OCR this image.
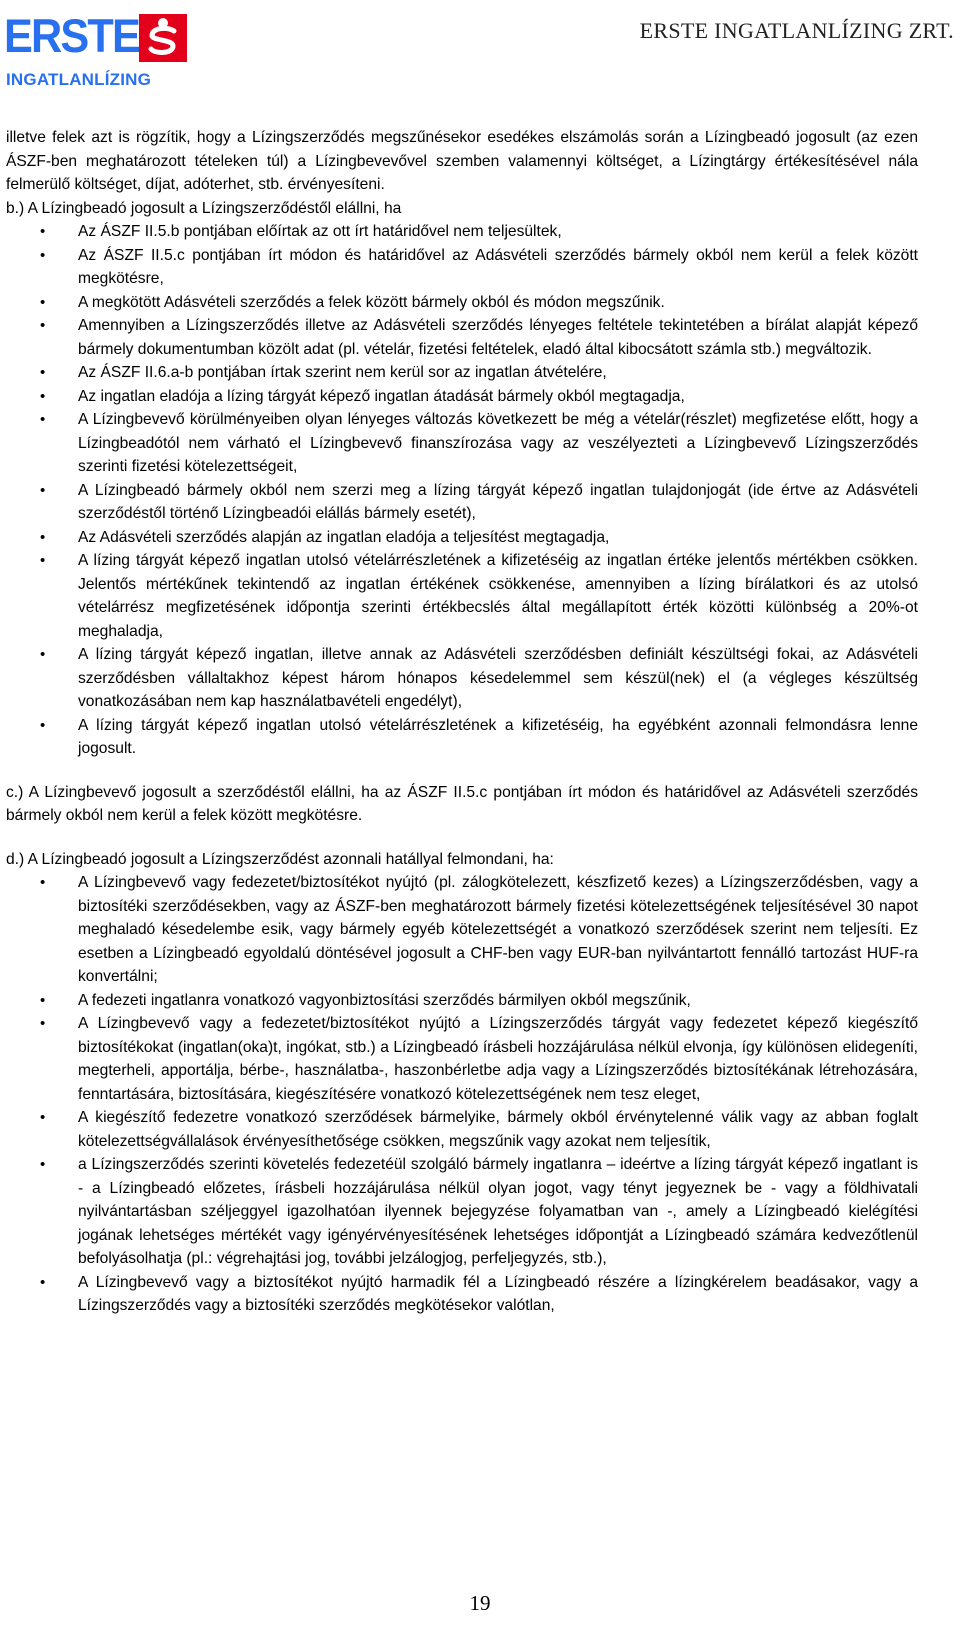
ERSTE
INGATLANLÍZING
ERSTE INGATLANLÍZING ZRT.

illetve felek azt is rögzítik, hogy a Lízingszerződés megszűnésekor esedékes elszámolás során a Lízingbeadó jogosult (az ezen ÁSZF-ben meghatározott tételeken túl) a Lízingbevevővel szemben valamennyi költséget, a Lízingtárgy értékesítésével nála felmerülő költséget, díjat, adóterhet, stb. érvényesíteni.

b.) A Lízingbeadó jogosult a Lízingszerződéstől elállni, ha

• Az ÁSZF II.5.b pontjában előírtak az ott írt határidővel nem teljesültek,
• Az ÁSZF II.5.c pontjában írt módon és határidővel az Adásvételi szerződés bármely okból nem kerül a felek között megkötésre,
• A megkötött Adásvételi szerződés a felek között bármely okból és módon megszűnik.
• Amennyiben a Lízingszerződés illetve az Adásvételi szerződés lényeges feltétele tekintetében a bírálat alapját képező bármely dokumentumban közölt adat (pl. vételár, fizetési feltételek, eladó által kibocsátott számla stb.) megváltozik.
• Az ÁSZF II.6.a-b pontjában írtak szerint nem kerül sor az ingatlan átvételére,
• Az ingatlan eladója a lízing tárgyát képező ingatlan átadását bármely okból megtagadja,
• A Lízingbevevő körülményeiben olyan lényeges változás következett be még a vételár(részlet) megfizetése előtt, hogy a Lízingbeadótól nem várható el Lízingbevevő finanszírozása vagy az veszélyezteti a Lízingbevevő Lízingszerződés szerinti fizetési kötelezettségeit,
• A Lízingbeadó bármely okból nem szerzi meg a lízing tárgyát képező ingatlan tulajdonjogát (ide értve az Adásvételi szerződéstől történő Lízingbeadói elállás bármely esetét),
• Az Adásvételi szerződés alapján az ingatlan eladója a teljesítést megtagadja,
• A lízing tárgyát képező ingatlan utolsó vételárrészletének a kifizetéséig az ingatlan értéke jelentős mértékben csökken. Jelentős mértékűnek tekintendő az ingatlan értékének csökkenése, amennyiben a lízing bírálatkori és az utolsó vételárrész megfizetésének időpontja szerinti értékbecslés által megállapított érték közötti különbség a 20%-ot meghaladja,
• A lízing tárgyát képező ingatlan, illetve annak az Adásvételi szerződésben definiált készültségi fokai, az Adásvételi szerződésben vállaltakhoz képest három hónapos késedelemmel sem készül(nek) el (a végleges készültség vonatkozásában nem kap használatbavételi engedélyt),
• A lízing tárgyát képező ingatlan utolsó vételárrészletének a kifizetéséig, ha egyébként azonnali felmondásra lenne jogosult.

c.) A Lízingbevevő jogosult a szerződéstől elállni, ha az ÁSZF II.5.c pontjában írt módon és határidővel az Adásvételi szerződés bármely okból nem kerül a felek között megkötésre.

d.) A Lízingbeadó jogosult a Lízingszerződést azonnali hatállyal felmondani, ha:

• A Lízingbevevő vagy fedezetet/biztosítékot nyújtó (pl. zálogkötelezett, készfizető kezes) a Lízingszerződésben, vagy a biztosítéki szerződésekben, vagy az ÁSZF-ben meghatározott bármely fizetési kötelezettségének teljesítésével 30 napot meghaladó késedelembe esik, vagy bármely egyéb kötelezettségét a vonatkozó szerződések szerint nem teljesíti. Ez esetben a Lízingbeadó egyoldalú döntésével jogosult a CHF-ben vagy EUR-ban nyilvántartott fennálló tartozást HUF-ra konvertálni;
• A fedezeti ingatlanra vonatkozó vagyonbiztosítási szerződés bármilyen okból megszűnik,
• A Lízingbevevő vagy a fedezetet/biztosítékot nyújtó a Lízingszerződés tárgyát vagy fedezetet képező kiegészítő biztosítékokat (ingatlan(oka)t, ingókat, stb.) a Lízingbeadó írásbeli hozzájárulása nélkül elvonja, így különösen elidegeníti, megterheli, apportálja, bérbe-, használatba-, haszonbérletbe adja vagy a Lízingszerződés biztosítékának létrehozására, fenntartására, biztosítására, kiegészítésére vonatkozó kötelezettségének nem tesz eleget,
• A kiegészítő fedezetre vonatkozó szerződések bármelyike, bármely okból érvénytelenné válik vagy az abban foglalt kötelezettségvállalások érvényesíthetősége csökken, megszűnik vagy azokat nem teljesítik,
• a Lízingszerződés szerinti követelés fedezetéül szolgáló bármely ingatlanra – ideértve a lízing tárgyát képező ingatlant is - a Lízingbeadó előzetes, írásbeli hozzájárulása nélkül olyan jogot, vagy tényt jegyeznek be - vagy a földhivatali nyilvántartásban széljeggyel igazolhatóan ilyennek bejegyzése folyamatban van -, amely a Lízingbeadó kielégítési jogának lehetséges mértékét vagy igényérvényesítésének lehetséges időpontját a Lízingbeadó számára kedvezőtlenül befolyásolhatja (pl.: végrehajtási jog, további jelzálogjog, perfeljegyzés, stb.),
• A Lízingbevevő vagy a biztosítékot nyújtó harmadik fél a Lízingbeadó részére a lízingkérelem beadásakor, vagy a Lízingszerződés vagy a biztosítéki szerződés megkötésekor valótlan,
19
